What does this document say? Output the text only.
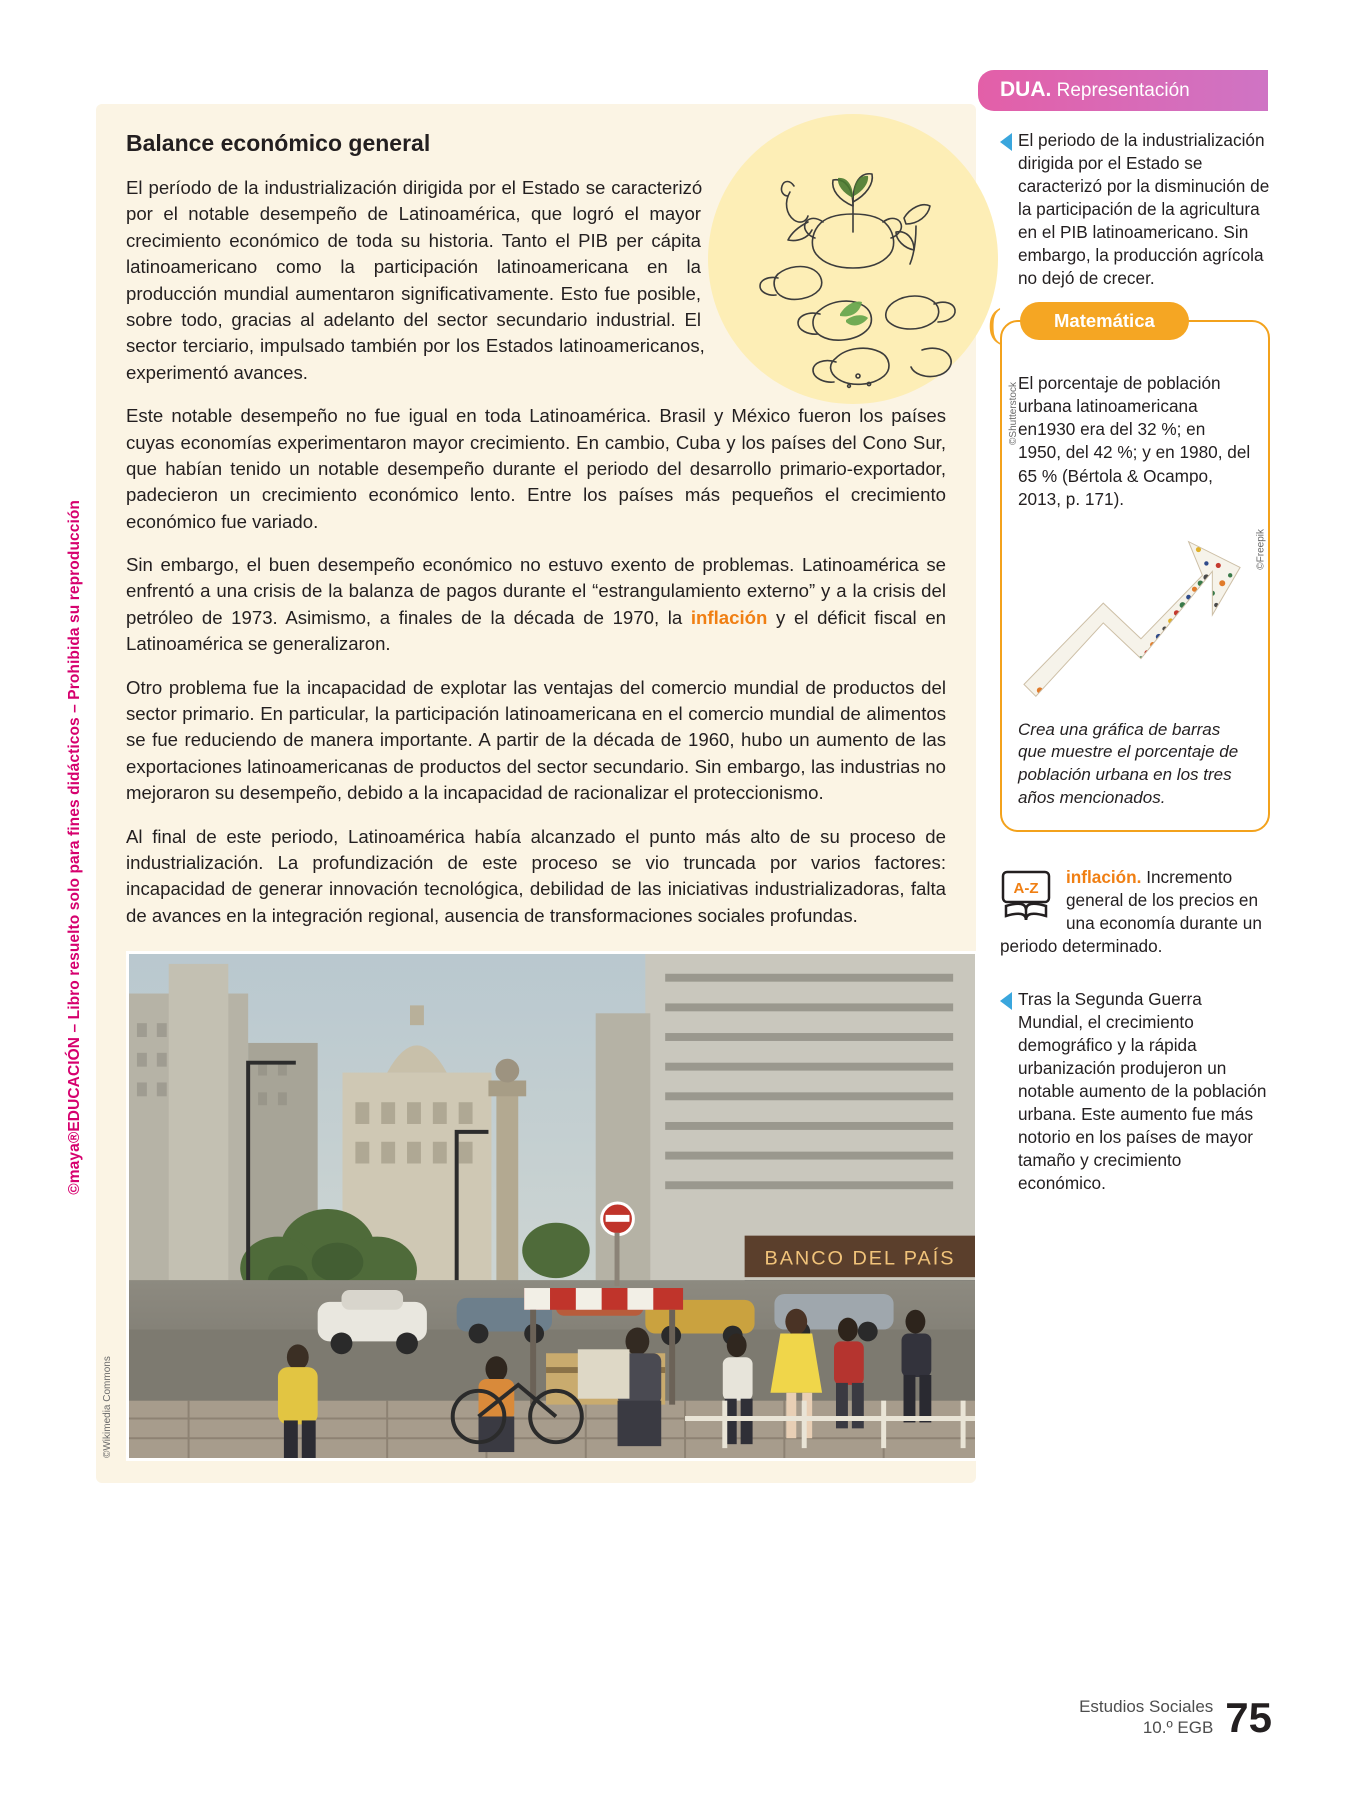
©maya®EDUCACIÓN – Libro resuelto solo para fines didácticos – Prohibida su reproducción
©Shutterstock
Balance económico general

El período de la industrialización dirigida por el Estado se caracterizó por el notable desempeño de Latinoamérica, que logró el mayor crecimiento económico de toda su historia. Tanto el PIB per cápita latinoamericano como la participación latinoamericana en la producción mundial aumentaron significativamente. Esto fue posible, sobre todo, gracias al adelanto del sector secundario industrial. El sector terciario, impulsado también por los Estados latinoamericanos, experimentó avances.

Este notable desempeño no fue igual en toda Latinoamérica. Brasil y México fueron los países cuyas economías experimentaron mayor crecimiento. En cambio, Cuba y los países del Cono Sur, que habían tenido un notable desempeño durante el periodo del desarrollo primario-exportador, padecieron un crecimiento económico lento. Entre los países más pequeños el crecimiento económico fue variado.

Sin embargo, el buen desempeño económico no estuvo exento de problemas. Latinoamérica se enfrentó a una crisis de la balanza de pagos durante el “estrangulamiento externo” y a la crisis del petróleo de 1973. Asimismo, a finales de la década de 1970, la inflación y el déficit fiscal en Latinoamérica se generalizaron.

Otro problema fue la incapacidad de explotar las ventajas del comercio mundial de productos del sector primario. En particular, la participación latinoamericana en el comercio mundial de alimentos se fue reduciendo de manera importante. A partir de la década de 1960, hubo un aumento de las exportaciones latinoamericanas de productos del sector secundario. Sin embargo, las industrias no mejoraron su desempeño, debido a la incapacidad de racionalizar el proteccionismo.

Al final de este periodo, Latinoamérica había alcanzado el punto más alto de su proceso de industrialización. La profundización de este proceso se vio truncada por varios factores: incapacidad de generar innovación tecnológica, debilidad de las iniciativas industrializadoras, falta de avances en la integración regional, ausencia de transformaciones sociales profundas.

BANCO DEL PAÍS
©Wikimedia Commons
DUA. Representación
El periodo de la industrialización dirigida por el Estado se caracterizó por la disminución de la participación de la agricultura en el PIB latinoamericano. Sin embargo, la producción agrícola no dejó de crecer.
(	Matemática

El porcentaje de población urbana latinoamericana en1930 era del 32 %; en 1950, del 42 %; y en 1980, del 65 % (Bértola & Ocampo, 2013, p. 171).

©Freepik

Crea una gráfica de barras que muestre el porcentaje de población urbana en los tres años mencionados.

A-Z
inflación. Incremento general de los precios en una economía durante un periodo determinado.
Tras la Segunda Guerra Mundial, el crecimiento demográfico y la rápida urbanización produjeron un notable aumento de la población urbana. Este aumento fue más notorio en los países de mayor tamaño y crecimiento económico.
Estudios Sociales
10.º EGB 75
